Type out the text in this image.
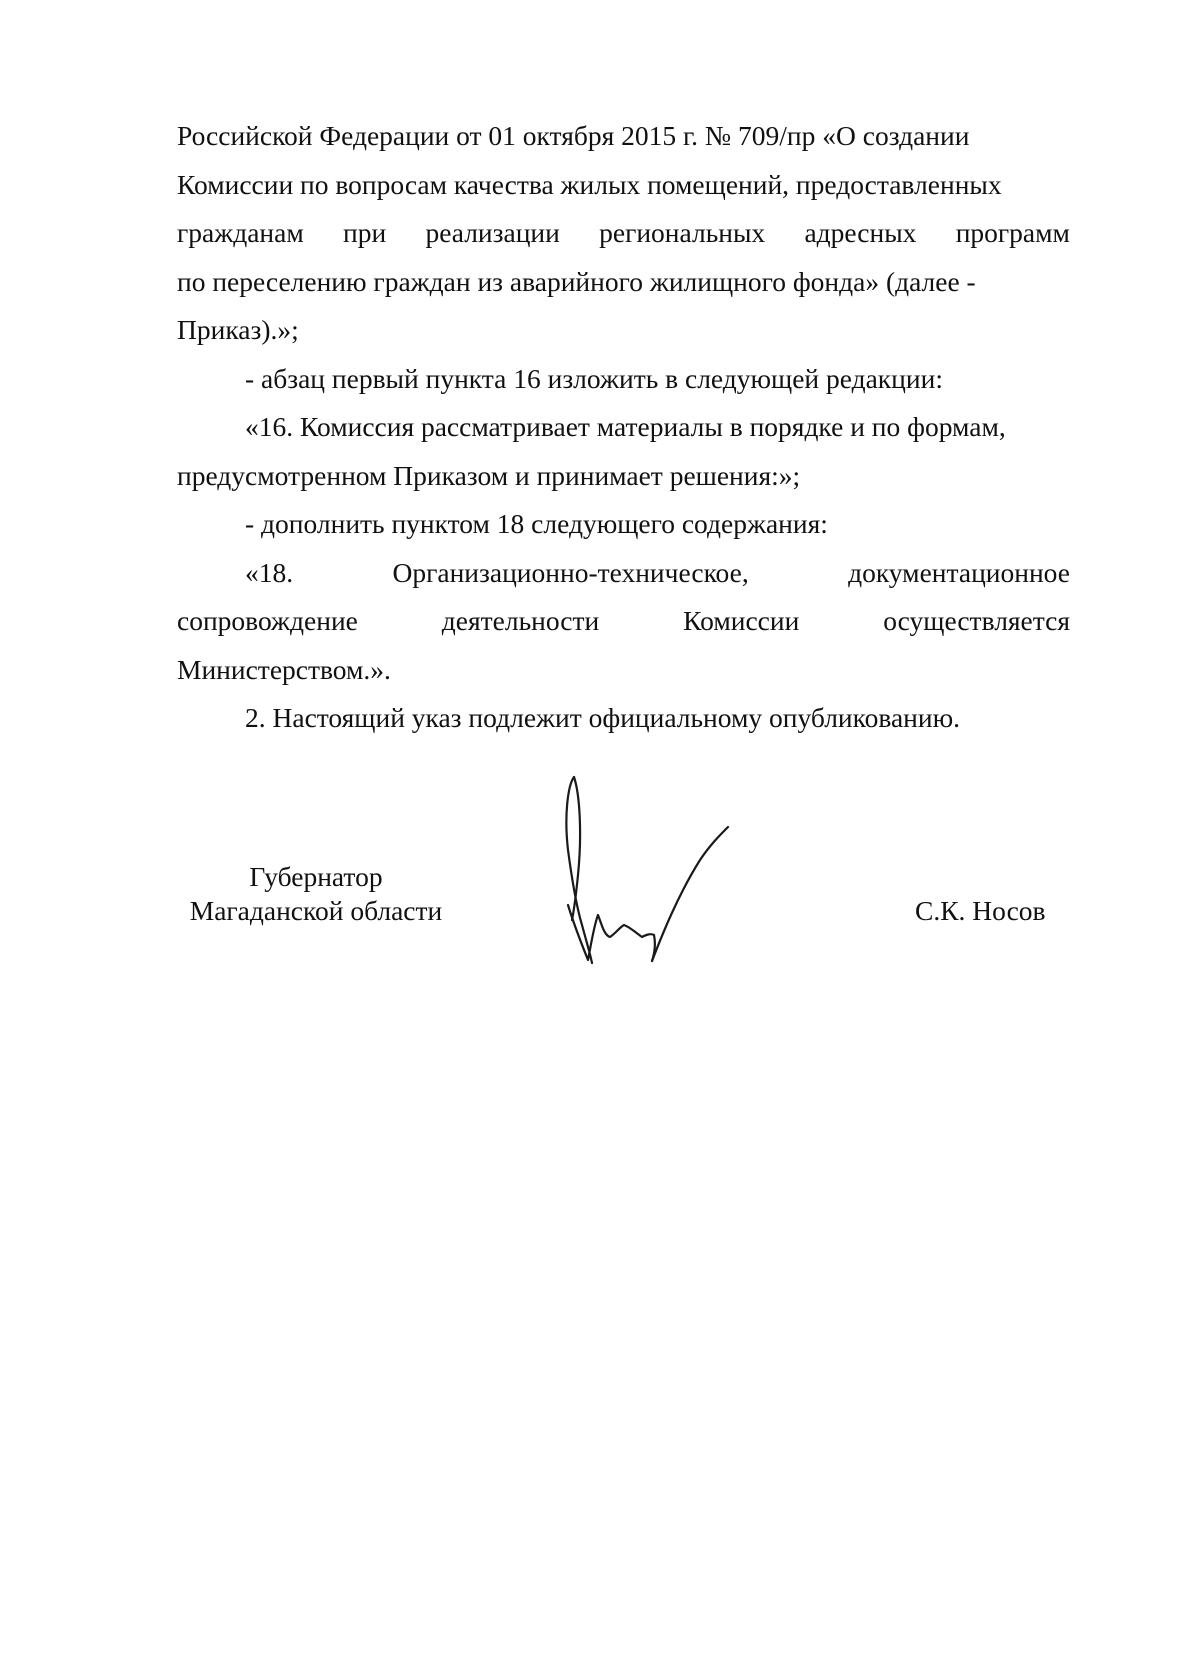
Российской Федерации от 01 октября 2015 г. № 709/пр «О создании
Комиссии по вопросам качества жилых помещений, предоставленных
гражданам при реализации региональных адресных программ
по переселению граждан из аварийного жилищного фонда» (далее -
Приказ).»;
- абзац первый пункта 16 изложить в следующей редакции:
«16. Комиссия рассматривает материалы в порядке и по формам,
предусмотренном Приказом и принимает решения:»;
- дополнить пунктом 18 следующего содержания:
«18.	Организационно-техническое,	документационное
сопровождение	деятельности	Комиссии	осуществляется
Министерством.».
2. Настоящий указ подлежит официальному опубликованию.
Губернатор
Магаданской области	С.К. Носов
